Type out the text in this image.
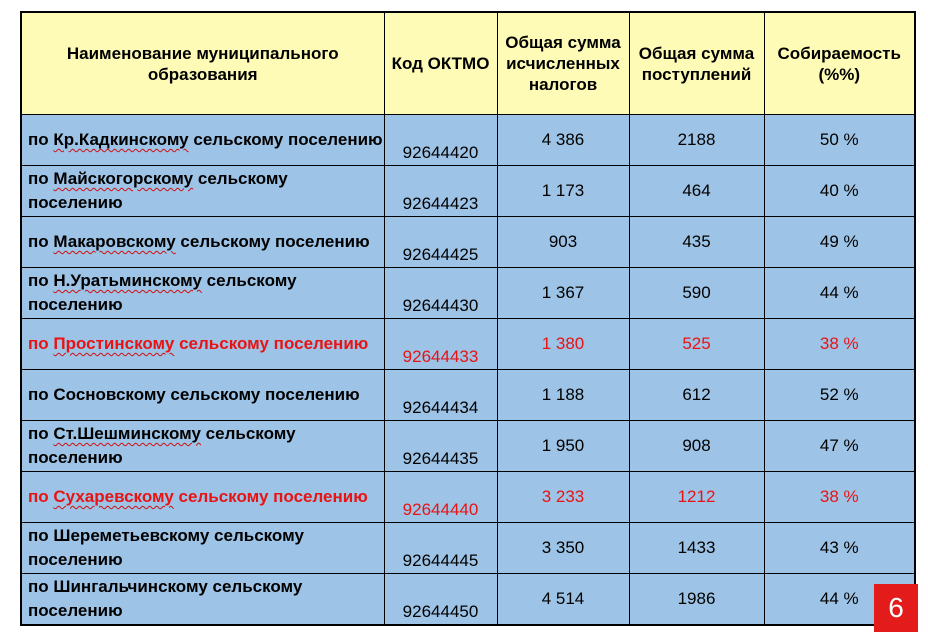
Наименование муниципального образования	Код ОКТМО	Общая сумма исчисленных налогов	Общая сумма поступлений	Собираемость (%%)
по Кр.Кадкинскому сельскому поселению	92644420	4 386	2188	50 %
по Майскогорскому сельскому поселению	92644423	1 173	464	40 %
по Макаровскому сельскому поселению	92644425	903	435	49 %
по Н.Уратьминскому сельскому поселению	92644430	1 367	590	44 %
по Простинскому сельскому поселению	92644433	1 380	525	38 %
по Сосновскому сельскому поселению	92644434	1 188	612	52 %
по Ст.Шешминскому сельскому поселению	92644435	1 950	908	47 %
по Сухаревскому сельскому поселению	92644440	3 233	1212	38 %
по Шереметьевскому сельскому поселению	92644445	3 350	1433	43 %
по Шингальчинскому сельскому поселению	92644450	4 514	1986	44 %	6
